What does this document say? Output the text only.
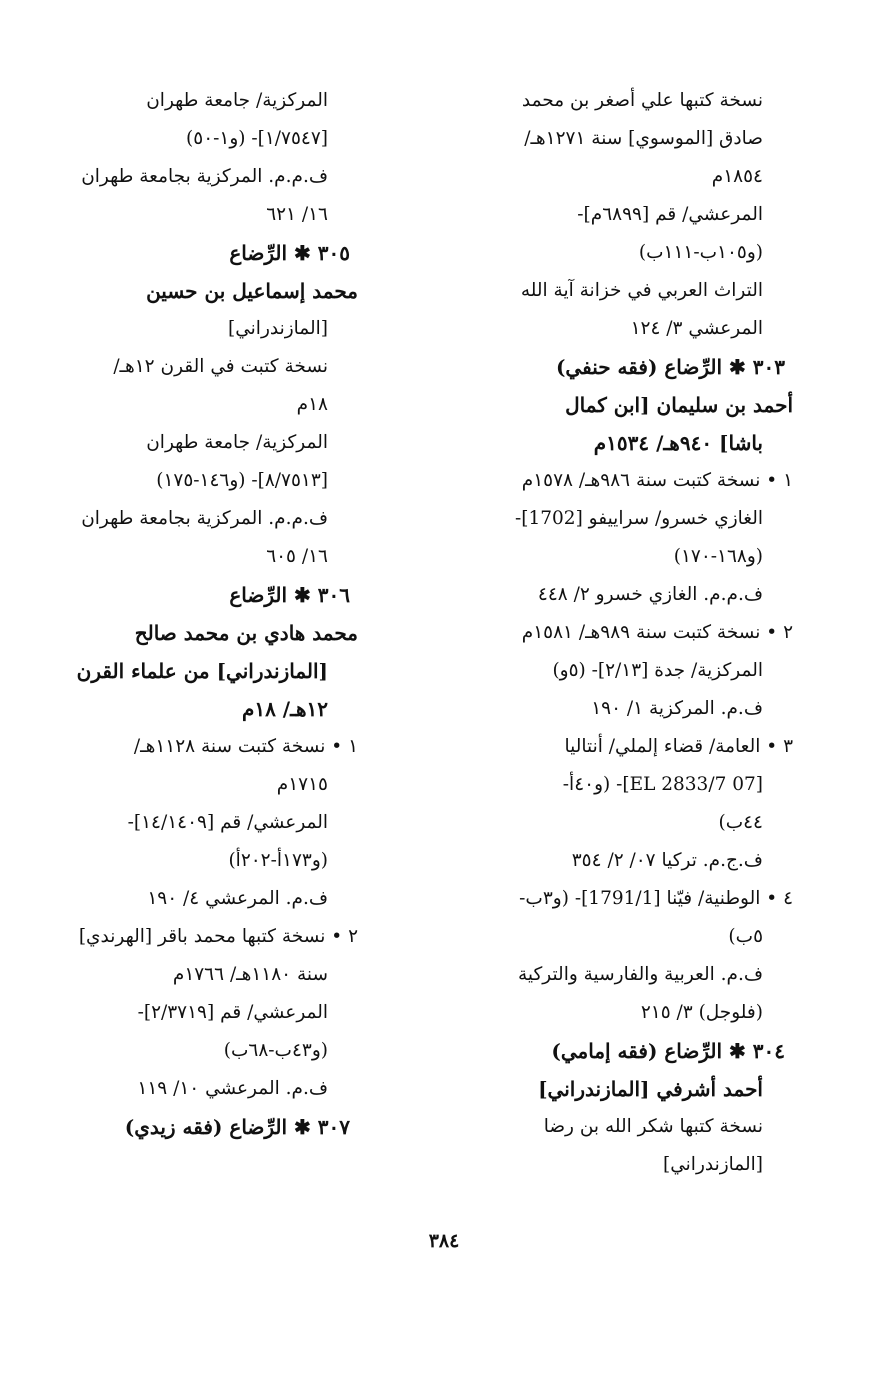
نسخة كتبها علي أصغر بن محمد
صادق [الموسوي] سنة ١٢٧١هـ/
١٨٥٤م
المرعشي/ قم [٦٨٩٩م]-
(و١٠٥ب-١١١ب)
التراث العربي في خزانة آية الله
المرعشي ٣/ ١٢٤
٣٠٣ ✱ الرِّضاع (فقه حنفي)
أحمد بن سليمان [ابن كمال
باشا] ٩٤٠هـ/ ١٥٣٤م
١ • نسخة كتبت سنة ٩٨٦هـ/ ١٥٧٨م
الغازي خسرو/ سراييفو [1702]-
(و١٦٨-١٧٠)
ف.م.م. الغازي خسرو ٢/ ٤٤٨
٢ • نسخة كتبت سنة ٩٨٩هـ/ ١٥٨١م
المركزية/ جدة [٢/١٣]- (٥و)
ف.م. المركزية ١/ ١٩٠
٣ • العامة/ قضاء إلملي/ أنتاليا
[07 EL 2833/7]- (و٤٠أ-
٤٤ب)
ف.ج.م. تركيا ٠٧/ ٢/ ٣٥٤
٤ • الوطنية/ فيّنا [1791/1]- (و٣ب-
٥ب)
ف.م. العربية والفارسية والتركية
(فلوجل) ٣/ ٢١٥
٣٠٤ ✱ الرِّضاع (فقه إمامي)
أحمد أشرفي [المازندراني]
نسخة كتبها شكر الله بن رضا
[المازندراني]
المركزية/ جامعة طهران
[١/٧٥٤٧]- (و١-٥٠)
ف.م.م. المركزية بجامعة طهران
١٦/ ٦٢١
٣٠٥ ✱ الرِّضاع
محمد إسماعيل بن حسين
[المازندراني]
نسخة كتبت في القرن ١٢هـ/
١٨م
المركزية/ جامعة طهران
[٨/٧٥١٣]- (و١٤٦-١٧٥)
ف.م.م. المركزية بجامعة طهران
١٦/ ٦٠٥
٣٠٦ ✱ الرِّضاع
محمد هادي بن محمد صالح
[المازندراني] من علماء القرن
١٢هـ/ ١٨م
١ • نسخة كتبت سنة ١١٢٨هـ/
١٧١٥م
المرعشي/ قم [١٤/١٤٠٩]-
(و١٧٣أ-٢٠٢أ)
ف.م. المرعشي ٤/ ١٩٠
٢ • نسخة كتبها محمد باقر [الهرندي]
سنة ١١٨٠هـ/ ١٧٦٦م
المرعشي/ قم [٢/٣٧١٩]-
(و٤٣ب-٦٨ب)
ف.م. المرعشي ١٠/ ١١٩
٣٠٧ ✱ الرِّضاع (فقه زيدي)
٣٨٤
